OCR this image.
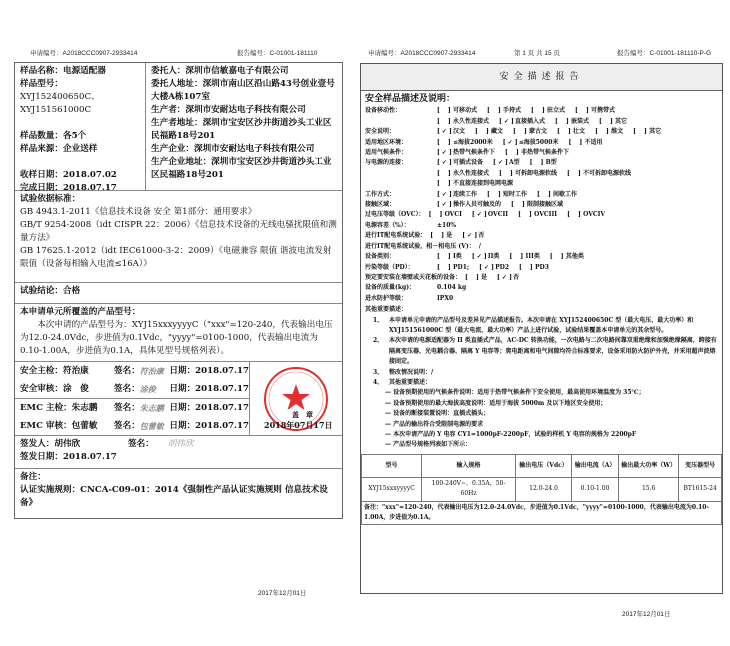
申请编号：A2018CCC0907-2933414	报告编号：C-01001-181110
样品名称：电源适配器
样品型号：
XYJ152400650C、
XYJ151561000C
样品数量：各5个
样品来源：企业送样
收样日期：2018.07.02
完成日期：2018.07.17
委托人：深圳市信敏嘉电子有限公司
委托人地址：深圳市南山区沿山路43号创业壹号大楼A栋107室
生产者：深圳市安耐达电子科技有限公司
生产者地址：深圳市宝安区沙井街道沙头工业区民福路18号201
生产企业：深圳市安耐达电子科技有限公司
生产企业地址：深圳市宝安区沙井街道沙头工业区民福路18号201
试验依据标准：
GB 4943.1-2011《信息技术设备 安全 第1部分：通用要求》
GB/T 9254-2008（idt CISPR 22：2006）《信息技术设备的无线电骚扰限值和测量方法》
GB 17625.1-2012（idt IEC61000-3-2：2009）《电磁兼容 限值 谐波电流发射限值（设备每相输入电流≤16A）》
试验结论：合格
本申请单元所覆盖的产品型号：
本次申请的产品型号为：XYJ15xxxyyyyC（"xxx"=120-240，代表输出电压为12.0-24.0Vdc，步进值为0.1Vdc，"yyyy"=0100-1000，代表输出电流为0.10-1.00A，步进值为0.1A，具体见型号规格列表）。
安全主检：符治康	签名： 符治康 日期：2018.07.17
安全审核：涂　俊	签名： 涂俊	日期：2018.07.17
EMC 主检：朱志鹏	签名： 朱志鹏 日期：2018.07.17
EMC 审核：包蕾敏	签名： 包蕾敏 日期：2018.07.17
盖　章
2018年07月17日
签发人：胡伟欣	签名： 胡伟欣
签发日期：2018.07.17
备注：
认证实施规则：CNCA-C09-01：2014《强制性产品认证实施规则 信息技术设备》
2017年12月01日
申请编号：A2018CCC0907-2933414	第 1 页 共 15 页	报告编号：C-01001-181110-P-G
安全描述报告
安全样品描述及说明：
设备移动性：	[　 ] 可移动式 [　 ] 手持式 [　 ] 驻立式 [　 ] 可携带式
[　 ] 永久性连接式 [ ✓ ]直接插入式 [　 ] 嵌装式 [　 ] 其它
安全说明：	[ ✓ ]汉文 [　 ] 藏文 [　 ] 蒙古文 [　 ] 壮文 [　 ] 维文 [　 ] 其它
适用地区环境：	[　 ] ≤海拔2000米 [ ✓ ]≤海拔5000米 [　 ] 不适用
适用气候条件：	[ ✓ ]热带气候条件下 [　 ] 非热带气候条件下
与电源的连接：	[ ✓ ]可插式设备 [ ✓ ]A型 [　 ] B型
[　 ] 永久性连接式 [　 ] 可拆卸电源软线 [　 ] 不可拆卸电源软线
[　 ] 不直接连接到电网电源
工作方式：	[ ✓ ]连续工作 [　 ] 短时工作 [　 ] 间歇工作
接触区域：	[ ✓ ]操作人员可触及的 [　 ] 限制接触区域
过电压等级（OVC）： [　 ] OVCI [ ✓ ]OVCII [　 ] OVCIII [　 ] OVCIV
电源容差（%）：	±10%
进行IT配电系统试验： [　 ] 是 [ ✓ ]否
进行IT配电系统试验，相－相电压 (V)： /
设备类别：	[　 ] I类 [ ✓ ]II类 [　 ] III类 [　 ] 其他类
污染等级（PD）：	[　 ] PD1; [ ✓ ]PD2 [　 ] PD3
预定要安装在墙壁或天花板的设备： [　 ] 是 [ ✓ ]否
设备的质量(kg)：	0.104 kg
进水防护等级：	IPX0
其他重要描述：
1、 本申请单元申请的产品型号及差异见产品描述报告。本次申请在 XYJ152400650C 型（最大电压、最大功率）和 XYJ151561000C 型（最大电流、最大功率）产品上进行试验，试验结果覆盖本申请单元的其余型号。
2、 本次申请的电源适配器为 II 类直插式产品，AC-DC 转换功能，一次电路与二次电路间靠双重绝缘和加强绝缘隔离，跨接有隔离变压器、光电耦合器、隔离 Y 电容等；爬电距离和电气间隙均符合标准要求，设备采用防火防护外壳，并采用超声波熔接固定。
3、 整改情况说明：/
4、 其他重要描述：
— 设备预期使用的气候条件说明：适用于热带气候条件下安全使用，最高使用环境温度为 35℃；
— 设备预期使用的最大海拔高度说明：适用于海拔 5000m 及以下地区安全使用；
— 设备的断接装置说明：直插式插头；
— 产品的输出符合受限制电源的要求
— 本次申请产品的 Y 电容 CY1=1000pF-2200pF，试验的样机 Y 电容的规格为 2200pF
— 产品型号规格列表如下所示：
型号	输入规格	输出电压（Vdc）	输出电流（A）	输出最大功率（W）	变压器型号
XYJ15xxxyyyyC	100-240V~，0.35A，50-60Hz	12.0-24.0	0.10-1.00	15.6	BT1615-24
备注："xxx"=120-240，代表输出电压为12.0-24.0Vdc，步进值为0.1Vdc，"yyyy"=0100-1000，代表输出电流为0.10-1.00A，步进值为0.1A。					
2017年12月01日
